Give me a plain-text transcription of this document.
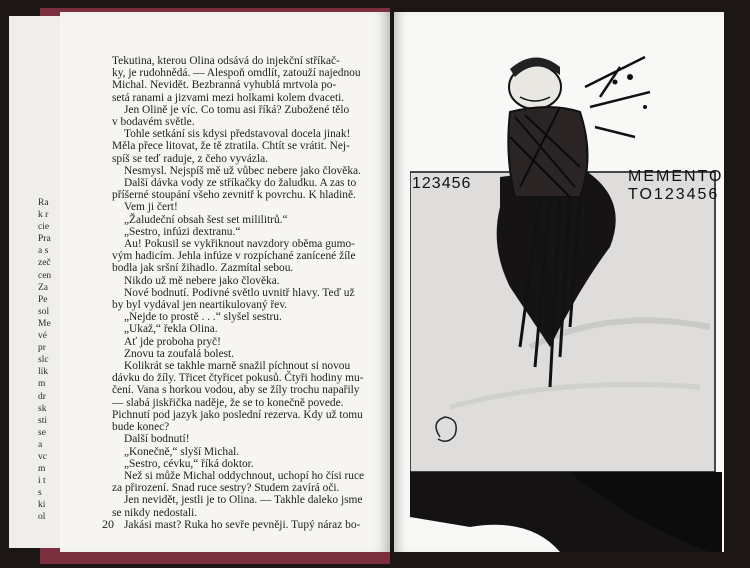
Ra
k r
cie
Pra
a s
zeč
cen
Za
Pe
sol
Me
vé
pr
slc
lik
m
dr
sk
sti
se
a
vc
m
i t
s
ki
ol

Tekutina, kterou Olina odsává do injekční stříkač-

ky, je rudohnědá. — Alespoň omdlít, zatouží najednou

Michal. Nevidět. Bezbranná vyhublá mrtvola po-

setá ranami a jizvami mezi holkami kolem dvaceti.

Jen Olině je víc. Co tomu asi říká? Zubožené tělo

v bodavém světle.

Tohle setkání sis kdysi představoval docela jinak!

Měla přece litovat, že tě ztratila. Chtít se vrátit. Nej-

spíš se teď raduje, z čeho vyvázla.

Nesmysl. Nejspíš mě už vůbec nebere jako člověka.

Další dávka vody ze stříkačky do žaludku. A zas to

příšerné stoupání všeho zevnitř k povrchu. K hladině.

Vem ji čert!

„Žaludeční obsah šest set mililitrů.“

„Sestro, infúzi dextranu.“

Au! Pokusil se vykřiknout navzdory oběma gumo-

vým hadicím. Jehla infúze v rozpíchané zanícené žíle

bodla jak sršní žihadlo. Zazmítal sebou.

Nikdo už mě nebere jako člověka.

Nové bodnutí. Podivné světlo uvnitř hlavy. Teď už

by byl vydával jen neartikulovaný řev.

„Nejde to prostě . . .“ slyšel sestru.

„Ukaž,“ řekla Olina.

Ať jde proboha pryč!

Znovu ta zoufalá bolest.

Kolikrát se takhle marně snažil píchnout si novou

dávku do žíly. Třicet čtyřicet pokusů. Čtyři hodiny mu-

čení. Vana s horkou vodou, aby se žíly trochu napařily

— slabá jiskřička naděje, že se to konečně povede.

Pichnutí pod jazyk jako poslední rezerva. Kdy už tomu

bude konec?

Další bodnutí!

„Konečně,“ slyší Michal.

„Sestro, cévku,“ říká doktor.

Než si může Michal oddychnout, uchopí ho čísi ruce

za přirození. Snad ruce sestry? Studem zavírá oči.

Jen nevidět, jestli je to Olina. — Takhle daleko jsme

se nikdy nedostali.

Jakási mast? Ruka ho sevře pevněji. Tupý náraz bo-

20
123456	MEMENTO
TO123456
